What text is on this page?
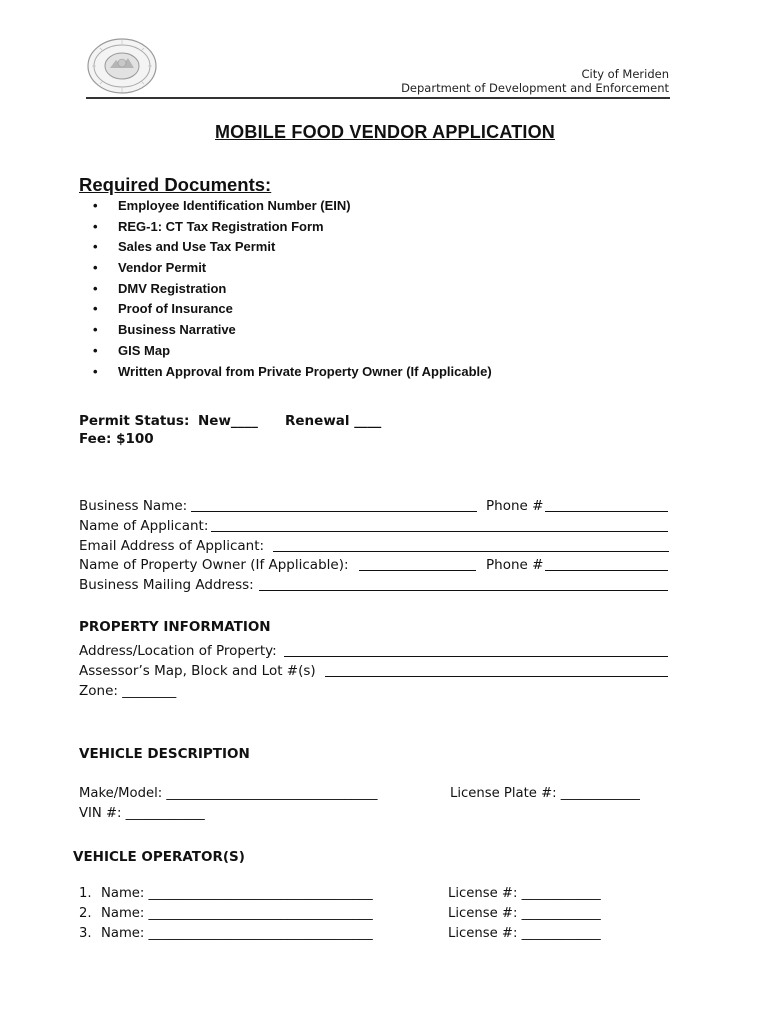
City of Meriden
Department of Development and Enforcement
MOBILE FOOD VENDOR APPLICATION
Required Documents:
• Employee Identification Number (EIN)
• REG-1: CT Tax Registration Form
• Sales and Use Tax Permit
• Vendor Permit
• DMV Registration
• Proof of Insurance
• Business Narrative
• GIS Map
• Written Approval from Private Property Owner (If Applicable)
Permit Status: New____ Renewal ____
Fee: $100
Business Name:	Phone #
Name of Applicant:
Email Address of Applicant:
Name of Property Owner (If Applicable):	Phone #
Business Mailing Address:
PROPERTY INFORMATION
Address/Location of Property:
Assessor’s Map, Block and Lot #(s)
Zone: ________
VEHICLE DESCRIPTION
Make/Model: ________________________________	License Plate #: ____________
VIN #: ____________
VEHICLE OPERATOR(S)
1. Name: __________________________________	License #: ____________
2. Name: __________________________________	License #: ____________
3. Name: __________________________________	License #: ____________
